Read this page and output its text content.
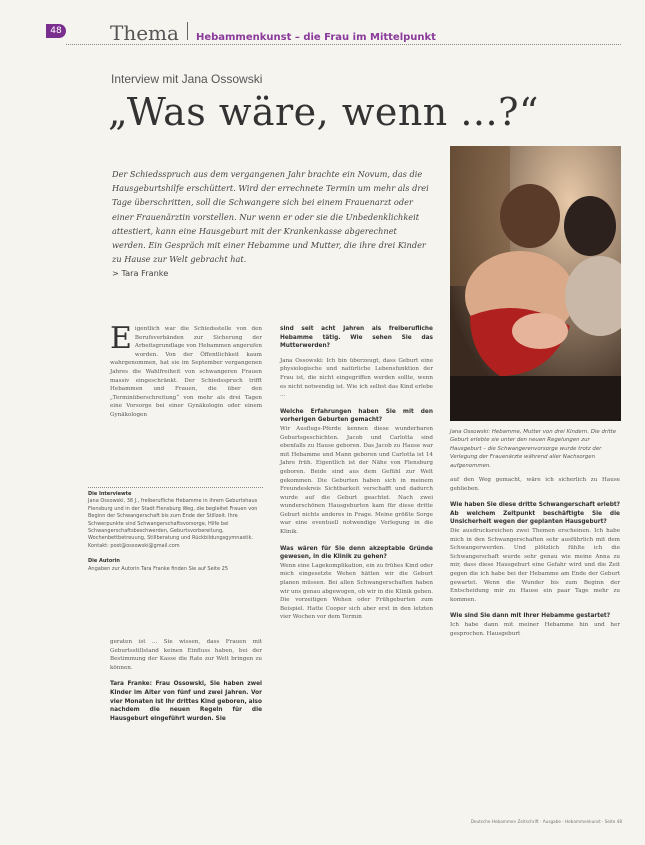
48 Thema Hebammenkunst – die Frau im Mittelpunkt
Interview mit Jana Ossowski
„Was wäre, wenn ...?“
Der Schiedsspruch aus dem vergangenen Jahr brachte ein Novum, das die Hausgeburtshilfe erschüttert. Wird der errechnete Termin um mehr als drei Tage überschritten, soll die Schwangere sich bei einem Frauenarzt oder einer Frauenärztin vorstellen. Nur wenn er oder sie die Unbedenklichkeit attestiert, kann eine Hausgeburt mit der Krankenkasse abgerechnet werden. Ein Gespräch mit einer Hebamme und Mutter, die ihre drei Kinder zu Hause zur Welt gebracht hat.
> Tara Franke
Jana Ossowski: Hebamme, Mutter von drei Kindern. Die dritte Geburt erlebte sie unter den neuen Regelungen zur Hausgeburt – die Schwangerenvorsorge wurde trotz der Verlegung der Frauenärzte während aller Nachsorgen aufgenommen.

Eigentlich war die Schiedsstelle von den Berufsverbänden zur Sicherung der Arbeitsgrundlage von Hebammen angerufen worden. Von der Öffentlichkeit kaum wahrgenommen, hat sie im September vergangenen Jahres die Wahlfreiheit von schwangeren Frauen massiv eingeschränkt. Der Schiedsspruch trifft Hebammen und Frauen, die über den „Terminüberschreitung“ von mehr als drei Tagen eine Vorsorge bei einer Gynäkologin oder einem Gynäkologen

Die Interviewte
Jana Ossowski, 38 J., freiberufliche Hebamme in ihrem Geburtshaus Flensburg und in der Stadt Flensburg Weg, die begleitet Frauen von Beginn der Schwangerschaft bis zum Ende der Stillzeit. Ihre Schwerpunkte sind Schwangerschaftsvorsorge, Hilfe bei Schwangerschaftsbeschwerden, Geburtsvorbereitung, Wochenbettbetreuung, Stillberatung und Rückbildungsgymnastik.
Kontakt: post@ossowski@gmail.com
Die Autorin
Angaben zur Autorin Tara Franke finden Sie auf Seite 25

geraten ist ... Sie wissen, dass Frauen mit Geburtsstillstand keinen Einfluss haben, bei der Bestimmung der Kasse die Rate zur Welt bringen zu können.

Tara Franke: Frau Ossowski, Sie haben zwei Kinder im Alter von fünf und zwei Jahren. Vor vier Monaten ist Ihr drittes Kind geboren, also nachdem die neuen Regeln für die Hausgeburt eingeführt wurden. Sie

sind seit acht Jahren als freiberufliche Hebamme tätig. Wie sehen Sie das Mutterwerden?

Jana Ossowski: Ich bin überzeugt, dass Geburt eine physiologische und natürliche Lebensfunktion der Frau ist, die nicht eingegriffen werden sollte, wenn es nicht notwendig ist. Wie ich selbst das Kind erlebe …

Welche Erfahrungen haben Sie mit den vorherigen Geburten gemacht?

Wir Ausflugs-Pferde kennen diese wunderbaren Geburtsgeschichten. Jacob und Carlotta sind ebenfalls zu Hause geboren. Das Jacob zu Hause war mit Hebamme und Mann geboren und Carlotta ist 14 Jahre früh. Eigentlich ist der Nähe von Flensburg geboren. Beide sind aus dem Gefühl zur Welt gekommen. Die Geburten haben sich in meinem Freundeskreis Sichtbarkeit verschafft und dadurch wurde auf die Geburt geachtet. Nach zwei wunderschönen Hausgeburten kam für diese dritte Geburt nichts anderes in Frage. Meine größte Sorge war eine eventuell notwendige Verlegung in die Klinik.

Was wären für Sie denn akzeptable Gründe gewesen, in die Klinik zu gehen?

Wenn eine Lagekomplikation, ein zu frühes Kind oder mich eingesetzte Wehen hätten wir die Geburt planen müssen. Bei allen Schwangerschaften haben wir uns genau abgewogen, ob wir in die Klinik gehen. Die vorzeitigen Wehen oder Frühgeburten zum Beispiel. Hatte Cooper sich aber erst in den letzten vier Wochen vor dem Termin

auf den Weg gemacht, wäre ich sicherlich zu Hause geblieben.

Wie haben Sie diese dritte Schwangerschaft erlebt? Ab welchem Zeitpunkt beschäftigte Sie die Unsicherheit wegen der geplanten Hausgeburt?

Die ausdrucksreichen zwei Themen erscheinen. Ich habe mich in den Schwangerschaften sehr ausführlich mit dem Schwangerwerden. Und plötzlich fühlte ich die Schwangerschaft wurde sehr genau wie meine Anna zu mir, dass diese Hausgeburt eine Gefahr wird und die Zeit gegen die ich habe bei der Hebamme am Ende der Geburt gewartet. Wenn die Wunder bis zum Beginn der Entscheidung mir zu Hause ein paar Tage mehr zu kommen.

Wie sind Sie dann mit Ihrer Hebamme gestartet?

Ich habe dann mit meiner Hebamme hin und her gesprochen. Hausgeburt

Deutsche Hebammen Zeitschrift · Ausgabe · Hebammenkunst · Seite 48
